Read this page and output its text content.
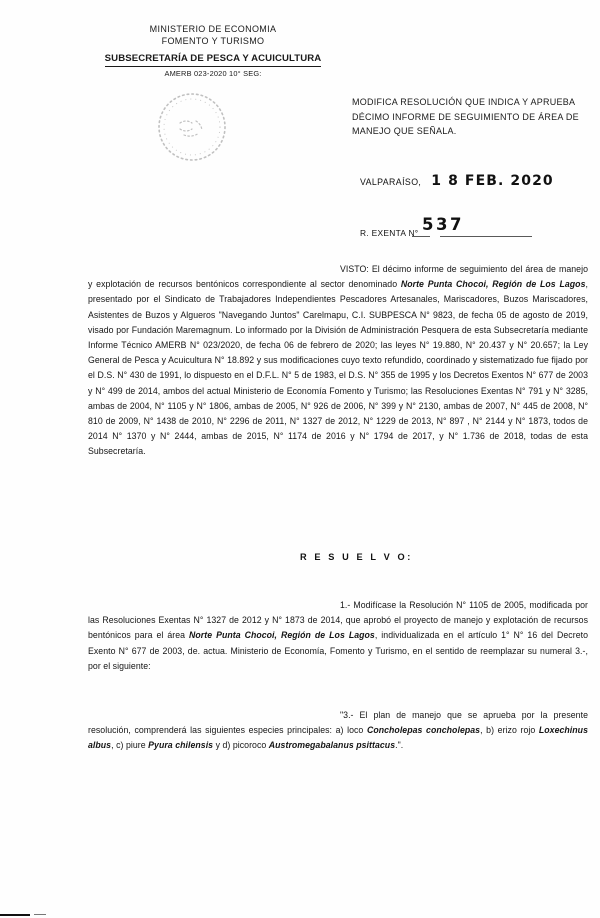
MINISTERIO DE ECONOMIA
FOMENTO Y TURISMO
SUBSECRETARÍA DE PESCA Y ACUICULTURA
AMERB 023-2020 10° SEG:
MODIFICA RESOLUCIÓN QUE INDICA Y APRUEBA DÉCIMO INFORME DE SEGUIMIENTO DE ÁREA DE MANEJO QUE SEÑALA.
VALPARAÍSO, 1 8 FEB. 2020
R. EXENTA N° 537

VISTO: El décimo informe de seguimiento del área de manejo y explotación de recursos bentónicos correspondiente al sector denominado Norte Punta Chocoi, Región de Los Lagos, presentado por el Sindicato de Trabajadores Independientes Pescadores Artesanales, Mariscadores, Buzos Mariscadores, Asistentes de Buzos y Algueros "Navegando Juntos" Carelmapu, C.I. SUBPESCA N° 9823, de fecha 05 de agosto de 2019, visado por Fundación Maremagnum. Lo informado por la División de Administración Pesquera de esta Subsecretaría mediante Informe Técnico AMERB N° 023/2020, de fecha 06 de febrero de 2020; las leyes N° 19.880, N° 20.437 y N° 20.657; la Ley General de Pesca y Acuicultura N° 18.892 y sus modificaciones cuyo texto refundido, coordinado y sistematizado fue fijado por el D.S. N° 430 de 1991, lo dispuesto en el D.F.L. N° 5 de 1983, el D.S. N° 355 de 1995 y los Decretos Exentos N° 677 de 2003 y N° 499 de 2014, ambos del actual Ministerio de Economía Fomento y Turismo; las Resoluciones Exentas N° 791 y N° 3285, ambas de 2004, N° 1105 y N° 1806, ambas de 2005, N° 926 de 2006, N° 399 y N° 2130, ambas de 2007, N° 445 de 2008, N° 810 de 2009, N° 1438 de 2010, N° 2296 de 2011, N° 1327 de 2012, N° 1229 de 2013, N° 897 , N° 2144 y N° 1873, todos de 2014 N° 1370 y N° 2444, ambas de 2015, N° 1174 de 2016 y N° 1794 de 2017, y N° 1.736 de 2018, todas de esta Subsecretaría.

R E S U E L V O:

1.- Modifícase la Resolución N° 1105 de 2005, modificada por las Resoluciones Exentas N° 1327 de 2012 y N° 1873 de 2014, que aprobó el proyecto de manejo y explotación de recursos bentónicos para el área Norte Punta Chocoi, Región de Los Lagos, individualizada en el artículo 1° N° 16 del Decreto Exento N° 677 de 2003, de. actua. Ministerio de Economía, Fomento y Turismo, en el sentido de reemplazar su numeral 3.-, por el siguiente:

"3.- El plan de manejo que se aprueba por la presente resolución, comprenderá las siguientes especies principales: a) loco Concholepas concholepas, b) erizo rojo Loxechinus albus, c) piure Pyura chilensis y d) picoroco Austromegabalanus psittacus.".
